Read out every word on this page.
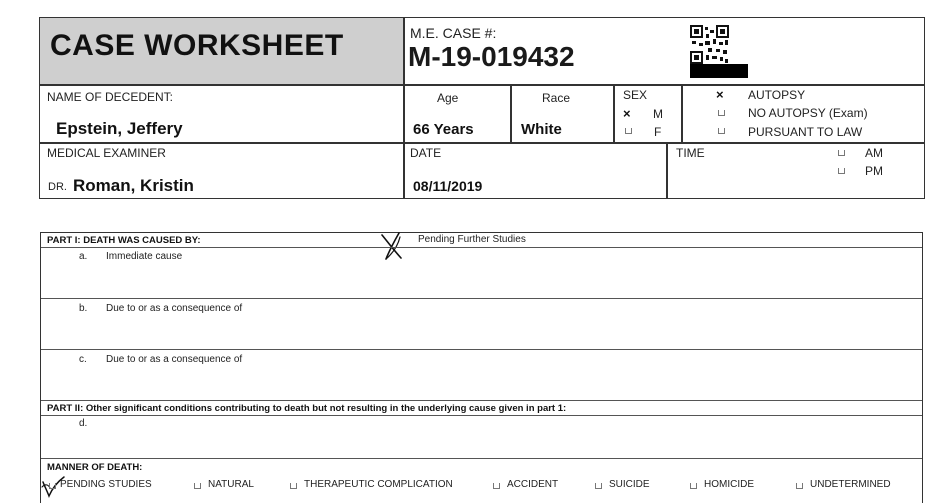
CASE WORKSHEET	M.E. CASE #:
M-19-019432
NAME OF DECEDENT:
Epstein, Jeffery
Age
66 Years
Race
White
SEX
× M
F
× AUTOPSY
NO AUTOPSY (Exam)
PURSUANT TO LAW
MEDICAL EXAMINER
DR. Roman, Kristin
DATE
08/11/2019
TIME	AM
PM
PART I: DEATH WAS CAUSED BY:	Pending Further Studies
a. Immediate cause
b. Due to or as a consequence of
c. Due to or as a consequence of
PART II: Other significant conditions contributing to death but not resulting in the underlying cause given in part 1:
d.
MANNER OF DEATH:
PENDING STUDIES	NATURAL	THERAPEUTIC COMPLICATION	ACCIDENT	SUICIDE	HOMICIDE	UNDETERMINED
